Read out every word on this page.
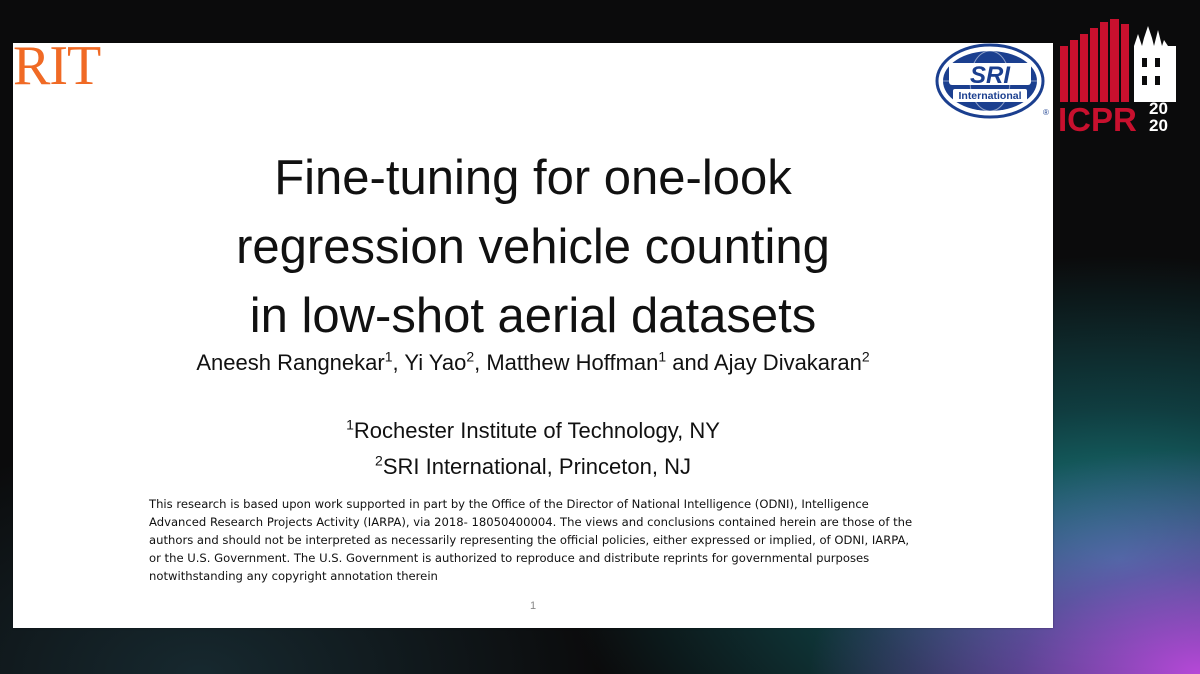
RIT	SRI
International
®
Fine-tuning for one-look
regression vehicle counting
in low-shot aerial datasets
Aneesh Rangnekar$^1$, Yi Yao$^2$, Matthew Hoffman$^1$ and Ajay Divakaran$^2$
$^1$Rochester Institute of Technology, NY
$^2$SRI International, Princeton, NJ
This research is based upon work supported in part by the Office of the Director of National Intelligence (ODNI), Intelligence
Advanced Research Projects Activity (IARPA), via 2018- 18050400004. The views and conclusions contained herein are those of the
authors and should not be interpreted as necessarily representing the official policies, either expressed or implied, of ODNI, IARPA,
or the U.S. Government. The U.S. Government is authorized to reproduce and distribute reprints for governmental purposes
notwithstanding any copyright annotation therein
1
ICPR 20
20
